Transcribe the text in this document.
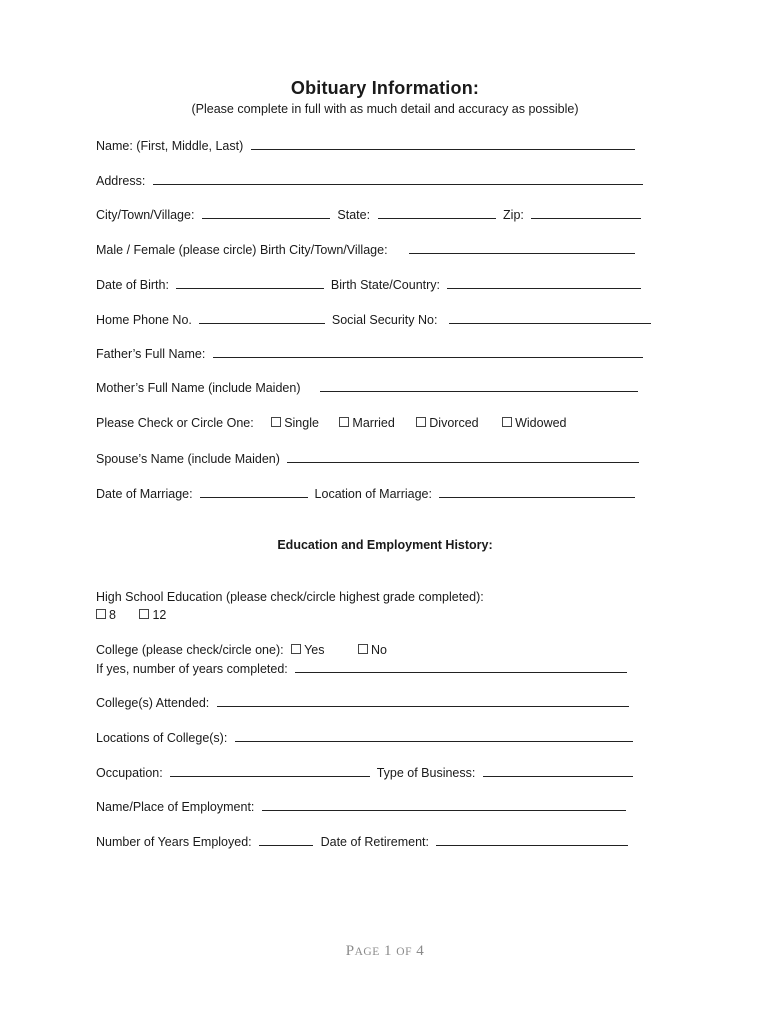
Obituary Information:
(Please complete in full with as much detail and accuracy as possible)
Name: (First, Middle, Last)
Address:
City/Town/Village:	State:	Zip:
Male / Female (please circle) Birth City/Town/Village:
Date of Birth:	Birth State/Country:
Home Phone No.	Social Security No:
Father’s Full Name:
Mother’s Full Name (include Maiden)
Please Check or Circle One: Single	Married	Divorced	Widowed
Spouse’s Name (include Maiden)
Date of Marriage:	Location of Marriage:
Education and Employment History:
High School Education (please check/circle highest grade completed):
8	12
College (please check/circle one): Yes	No
If yes, number of years completed:
College(s) Attended:
Locations of College(s):
Occupation:	Type of Business:
Name/Place of Employment:
Number of Years Employed:	Date of Retirement:
PAGE 1 OF 4
